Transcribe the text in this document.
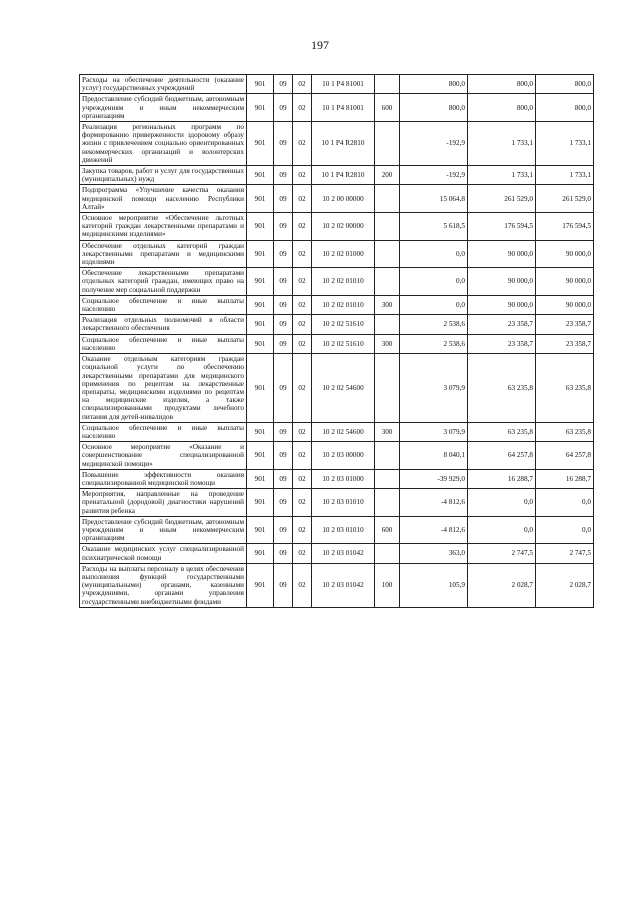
197
Расходы на обеспечение деятельности (оказание услуг) государственных учреждений	901	09	02	10 1 P4 81001		800,0	800,0	800,0
Предоставление субсидий бюджетным, автономным учреждениям и иным некоммерческим организациям	901	09	02	10 1 P4 81001	600	800,0	800,0	800,0
Реализация региональных программ по формированию приверженности здоровому образу жизни с привлечением социально ориентированных некоммерческих организаций и волонтерских движений	901	09	02	10 1 P4 R2810		-192,9	1 733,1	1 733,1
Закупка товаров, работ и услуг для государственных (муниципальных) нужд	901	09	02	10 1 P4 R2810	200	-192,9	1 733,1	1 733,1
Подпрограмма «Улучшение качества оказания медицинской помощи населению Республики Алтай»	901	09	02	10 2 00 00000		15 064,8	261 529,0	261 529,0
Основное мероприятие «Обеспечение льготных категорий граждан лекарственными препаратами и медицинскими изделиями»	901	09	02	10 2 02 00000		5 618,5	176 594,5	176 594,5
Обеспечение отдельных категорий граждан лекарственными препаратами и медицинскими изделиями	901	09	02	10 2 02 01000		0,0	90 000,0	90 000,0
Обеспечение лекарственными препаратами отдельных категорий граждан, имеющих право на получение мер социальной поддержки	901	09	02	10 2 02 01010		0,0	90 000,0	90 000,0
Социальное обеспечение и иные выплаты населению	901	09	02	10 2 02 01010	300	0,0	90 000,0	90 000,0
Реализация отдельных полномочий в области лекарственного обеспечения	901	09	02	10 2 02 51610		2 538,6	23 358,7	23 358,7
Социальное обеспечение и иные выплаты населению	901	09	02	10 2 02 51610	300	2 538,6	23 358,7	23 358,7
Оказание отдельным категориям граждан социальной услуги по обеспечению лекарственными препаратами для медицинского применения по рецептам на лекарственные препараты, медицинскими изделиями по рецептам на медицинские изделия, а также специализированными продуктами лечебного питания для детей-инвалидов	901	09	02	10 2 02 54600		3 079,9	63 235,8	63 235,8
Социальное обеспечение и иные выплаты населению	901	09	02	10 2 02 54600	300	3 079,9	63 235,8	63 235,8
Основное мероприятие «Оказание и совершенствование специализированной медицинской помощи»	901	09	02	10 2 03 00000		8 040,1	64 257,8	64 257,8
Повышение эффективности оказания специализированной медицинской помощи	901	09	02	10 2 03 01000		-39 929,0	16 288,7	16 288,7
Мероприятия, направленные на проведение пренатальной (дородовой) диагностики нарушений развития ребенка	901	09	02	10 2 03 01010		-4 812,6	0,0	0,0
Предоставление субсидий бюджетным, автономным учреждениям и иным некоммерческим организациям	901	09	02	10 2 03 01010	600	-4 812,6	0,0	0,0
Оказание медицинских услуг специализированной психиатрической помощи	901	09	02	10 2 03 01042		363,0	2 747,5	2 747,5
Расходы на выплаты персоналу в целях обеспечения выполнения функций государственными (муниципальными) органами, казенными учреждениями, органами управления государственными внебюджетными фондами	901	09	02	10 2 03 01042	100	105,9	2 028,7	2 028,7
